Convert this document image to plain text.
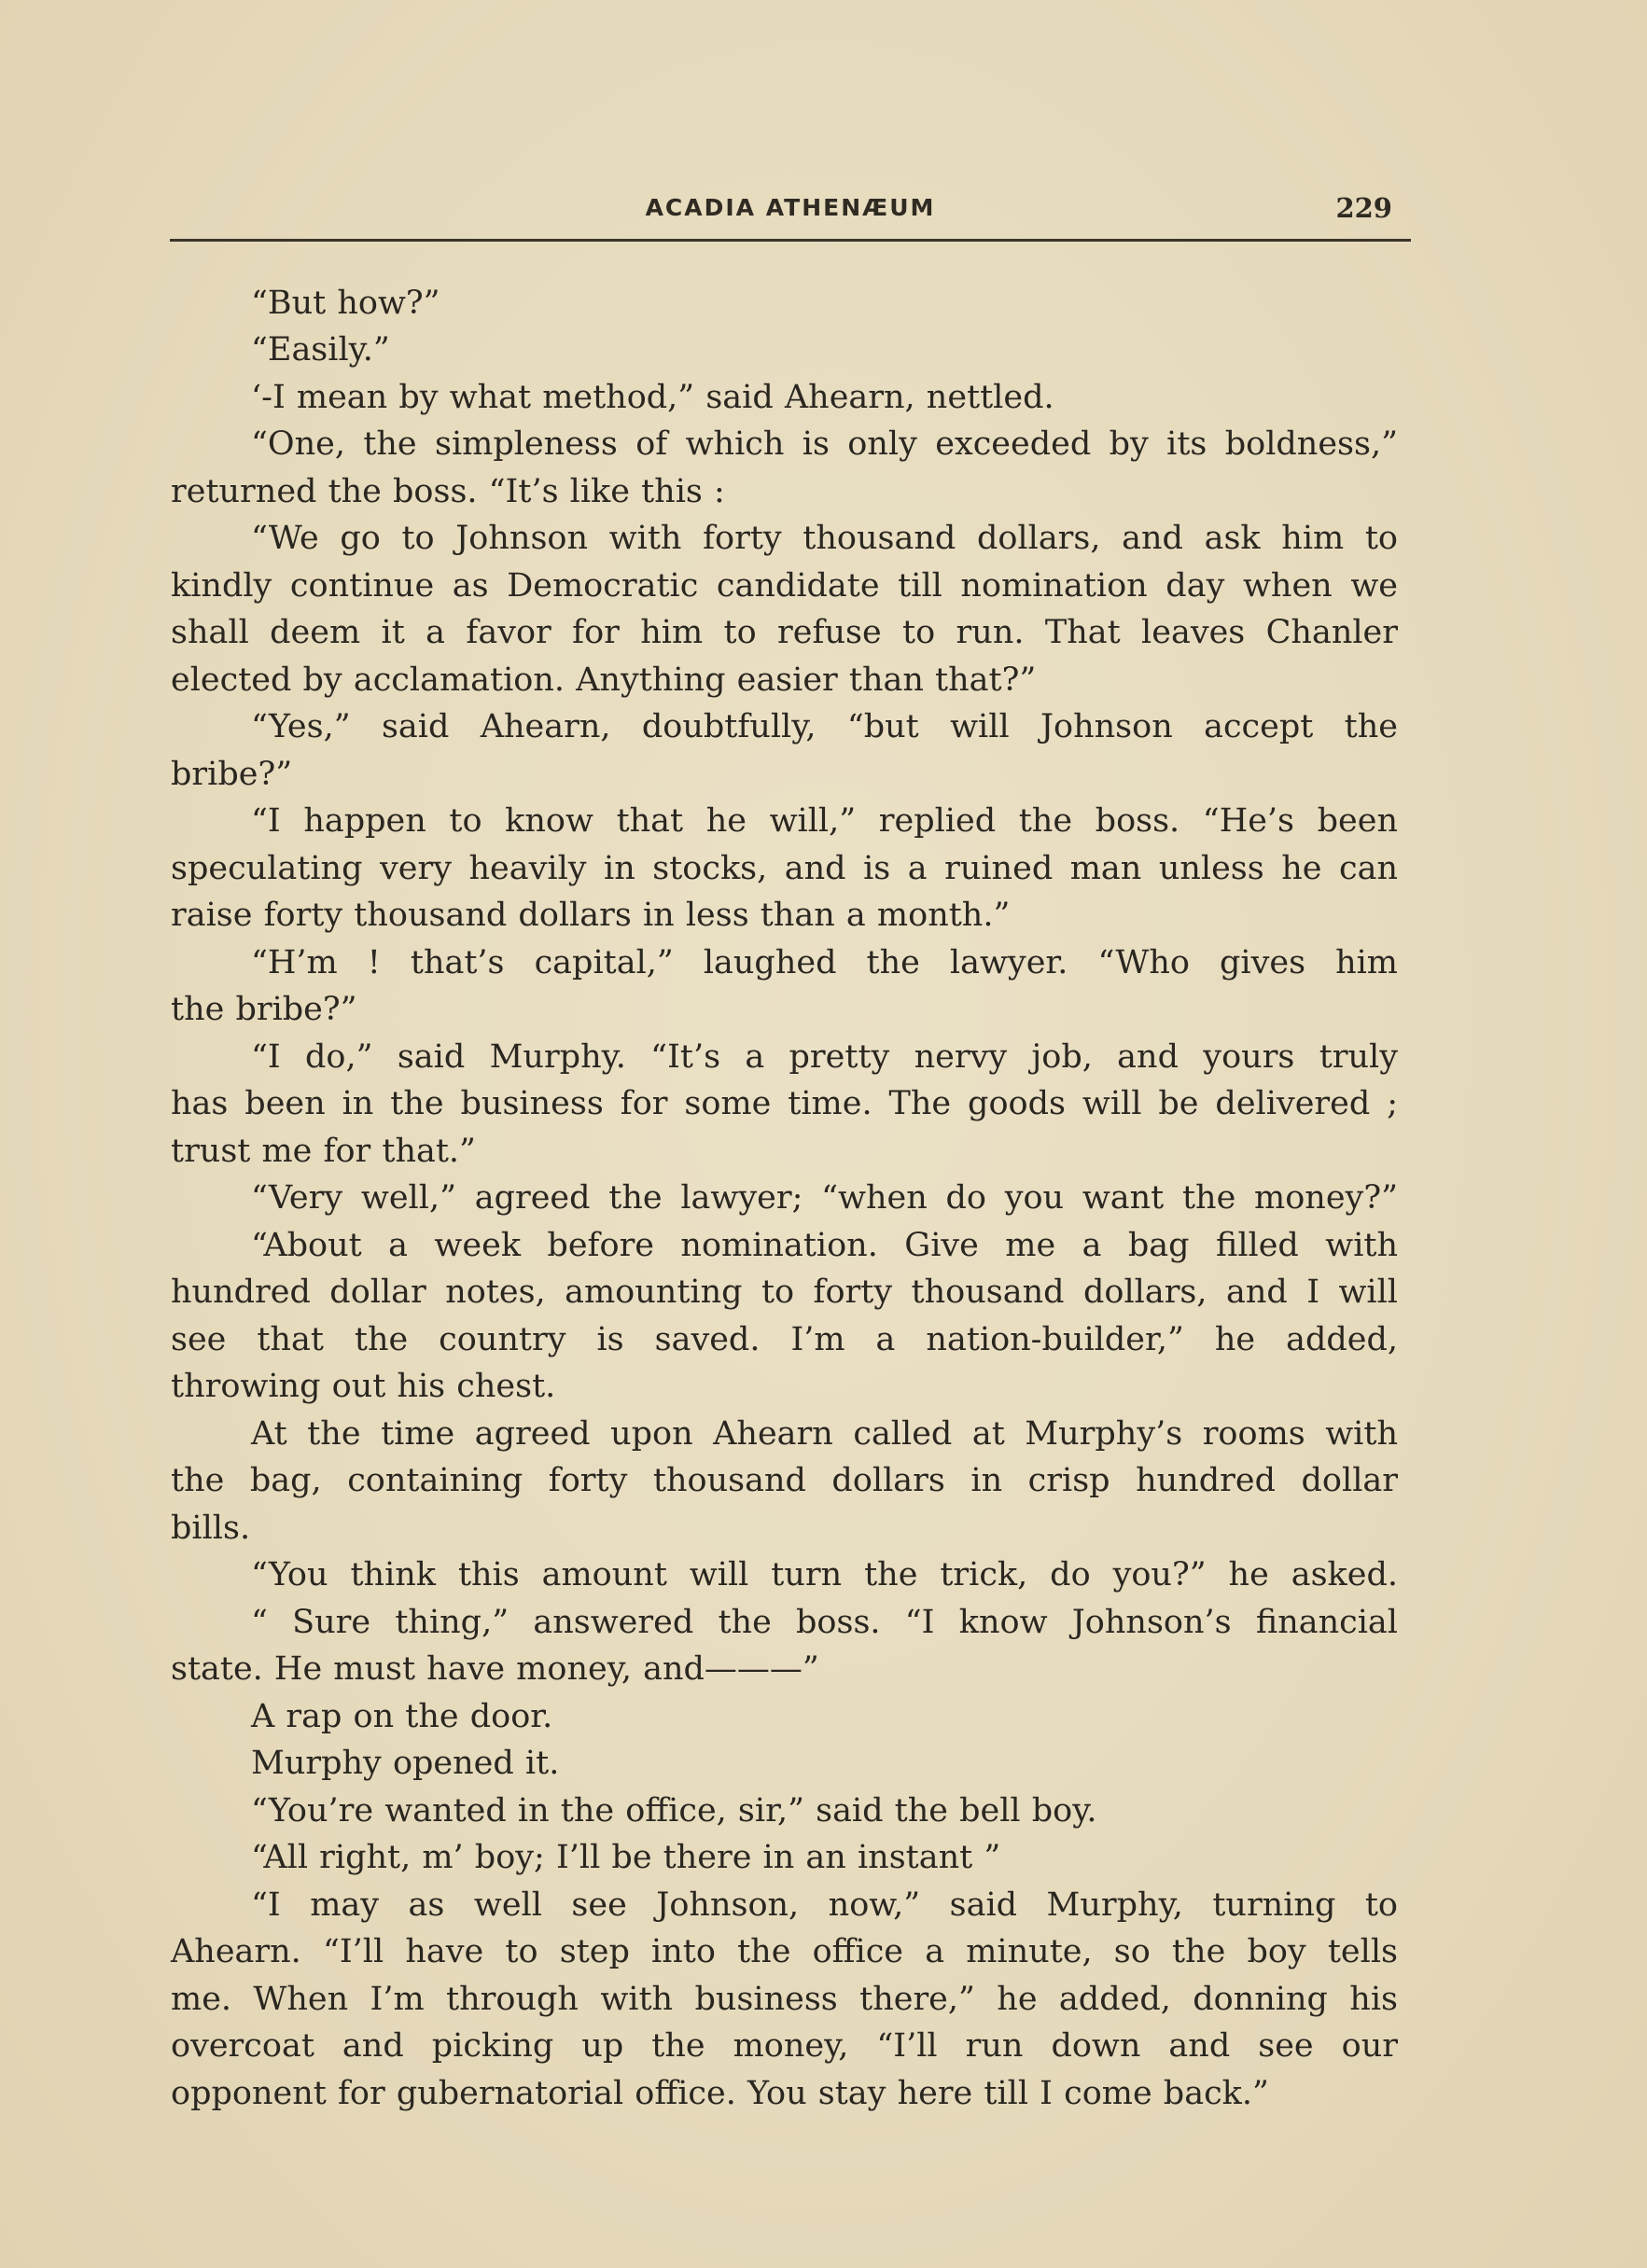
ACADIA ATHENÆUM	229
“But how?”
“Easily.”
‘-I mean by what method,” said Ahearn, nettled.
“One, the simpleness of which is only exceeded by its boldness,”
returned the boss. “It’s like this :
“We go to Johnson with forty thousand dollars, and ask him to
kindly continue as Democratic candidate till nomination day when we
shall deem it a favor for him to refuse to run. That leaves Chanler
elected by acclamation. Anything easier than that?”
“Yes,” said Ahearn, doubtfully, “but will Johnson accept the
bribe?”
“I happen to know that he will,” replied the boss. “He’s been
speculating very heavily in stocks, and is a ruined man unless he can
raise forty thousand dollars in less than a month.”
“H’m ! that’s capital,” laughed the lawyer. “Who gives him
the bribe?”
“I do,” said Murphy. “It’s a pretty nervy job, and yours truly
has been in the business for some time. The goods will be delivered ;
trust me for that.”
“Very well,” agreed the lawyer; “when do you want the money?”
“About a week before nomination. Give me a bag filled with
hundred dollar notes, amounting to forty thousand dollars, and I will
see that the country is saved. I’m a nation-builder,” he added,
throwing out his chest.
At the time agreed upon Ahearn called at Murphy’s rooms with
the bag, containing forty thousand dollars in crisp hundred dollar
bills.
“You think this amount will turn the trick, do you?” he asked.
“ Sure thing,” answered the boss. “I know Johnson’s financial
state. He must have money, and———”
A rap on the door.
Murphy opened it.
“You’re wanted in the office, sir,” said the bell boy.
“All right, m’ boy; I’ll be there in an instant ”
“I may as well see Johnson, now,” said Murphy, turning to
Ahearn. “I’ll have to step into the office a minute, so the boy tells
me. When I’m through with business there,” he added, donning his
overcoat and picking up the money, “I’ll run down and see our
opponent for gubernatorial office. You stay here till I come back.”
